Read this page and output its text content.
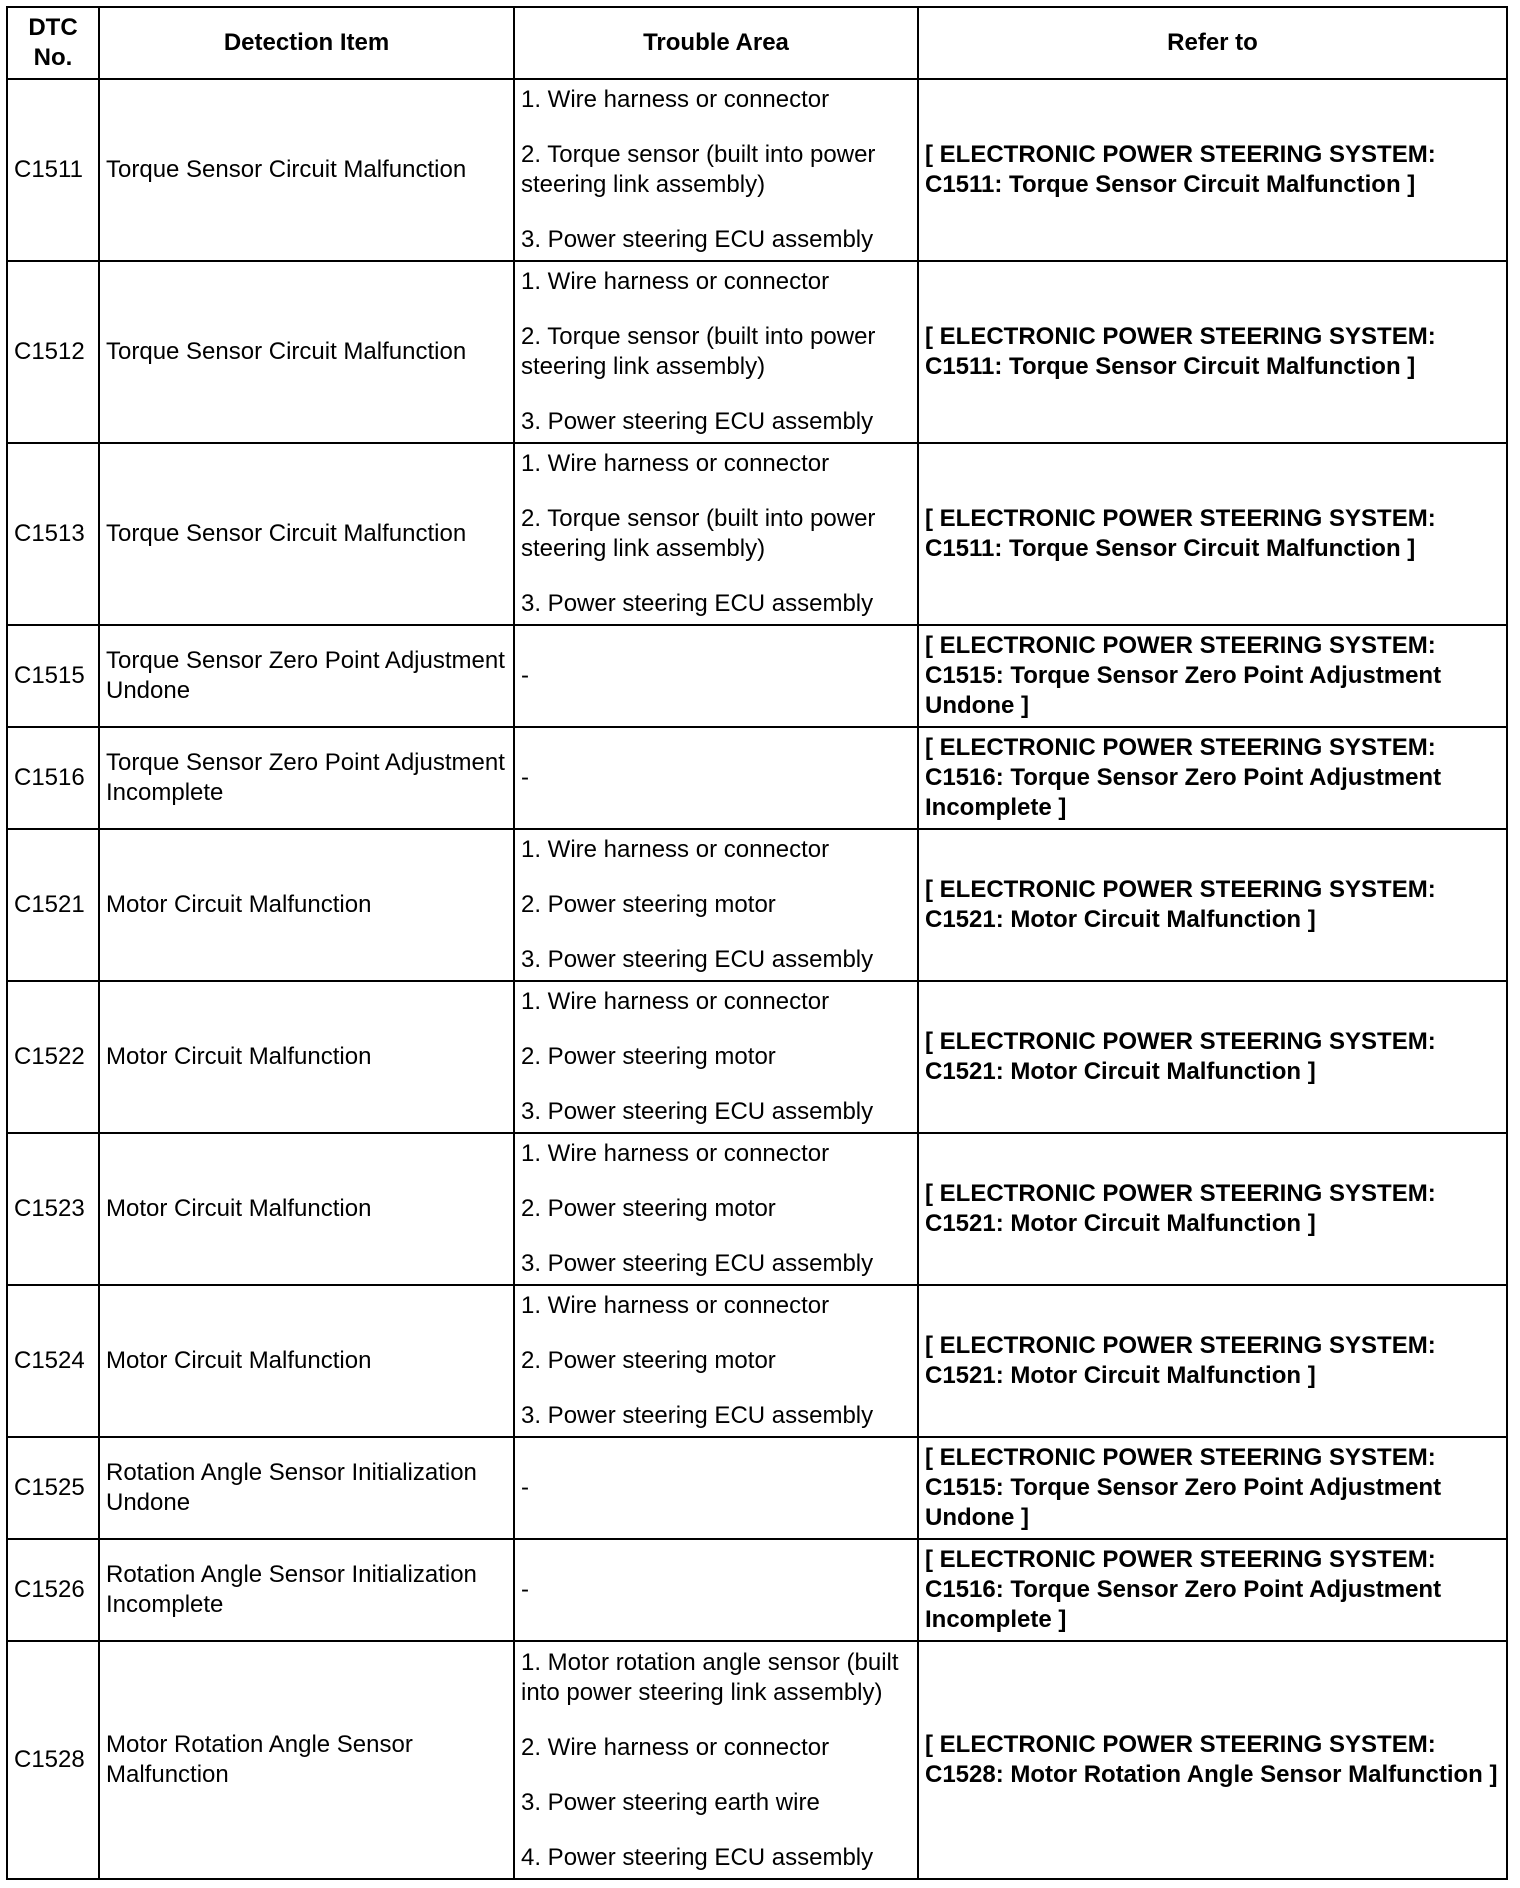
DTC No.	Detection Item	Trouble Area	Refer to
C1511	Torque Sensor Circuit Malfunction	1. Wire harness or connector
2. Torque sensor (built into power steering link assembly)
3. Power steering ECU assembly	[ ELECTRONIC POWER STEERING SYSTEM: C1511: Torque Sensor Circuit Malfunction ]
C1512	Torque Sensor Circuit Malfunction	1. Wire harness or connector
2. Torque sensor (built into power steering link assembly)
3. Power steering ECU assembly	[ ELECTRONIC POWER STEERING SYSTEM: C1511: Torque Sensor Circuit Malfunction ]
C1513	Torque Sensor Circuit Malfunction	1. Wire harness or connector
2. Torque sensor (built into power steering link assembly)
3. Power steering ECU assembly	[ ELECTRONIC POWER STEERING SYSTEM: C1511: Torque Sensor Circuit Malfunction ]
C1515	Torque Sensor Zero Point Adjustment Undone	-	[ ELECTRONIC POWER STEERING SYSTEM: C1515: Torque Sensor Zero Point Adjustment Undone ]
C1516	Torque Sensor Zero Point Adjustment Incomplete	-	[ ELECTRONIC POWER STEERING SYSTEM: C1516: Torque Sensor Zero Point Adjustment Incomplete ]
C1521	Motor Circuit Malfunction	1. Wire harness or connector
2. Power steering motor
3. Power steering ECU assembly	[ ELECTRONIC POWER STEERING SYSTEM: C1521: Motor Circuit Malfunction ]
C1522	Motor Circuit Malfunction	1. Wire harness or connector
2. Power steering motor
3. Power steering ECU assembly	[ ELECTRONIC POWER STEERING SYSTEM: C1521: Motor Circuit Malfunction ]
C1523	Motor Circuit Malfunction	1. Wire harness or connector
2. Power steering motor
3. Power steering ECU assembly	[ ELECTRONIC POWER STEERING SYSTEM: C1521: Motor Circuit Malfunction ]
C1524	Motor Circuit Malfunction	1. Wire harness or connector
2. Power steering motor
3. Power steering ECU assembly	[ ELECTRONIC POWER STEERING SYSTEM: C1521: Motor Circuit Malfunction ]
C1525	Rotation Angle Sensor Initialization Undone	-	[ ELECTRONIC POWER STEERING SYSTEM: C1515: Torque Sensor Zero Point Adjustment Undone ]
C1526	Rotation Angle Sensor Initialization Incomplete	-	[ ELECTRONIC POWER STEERING SYSTEM: C1516: Torque Sensor Zero Point Adjustment Incomplete ]
C1528	Motor Rotation Angle Sensor Malfunction	1. Motor rotation angle sensor (built into power steering link assembly)
2. Wire harness or connector
3. Power steering earth wire
4. Power steering ECU assembly	[ ELECTRONIC POWER STEERING SYSTEM: C1528: Motor Rotation Angle Sensor Malfunction ]
